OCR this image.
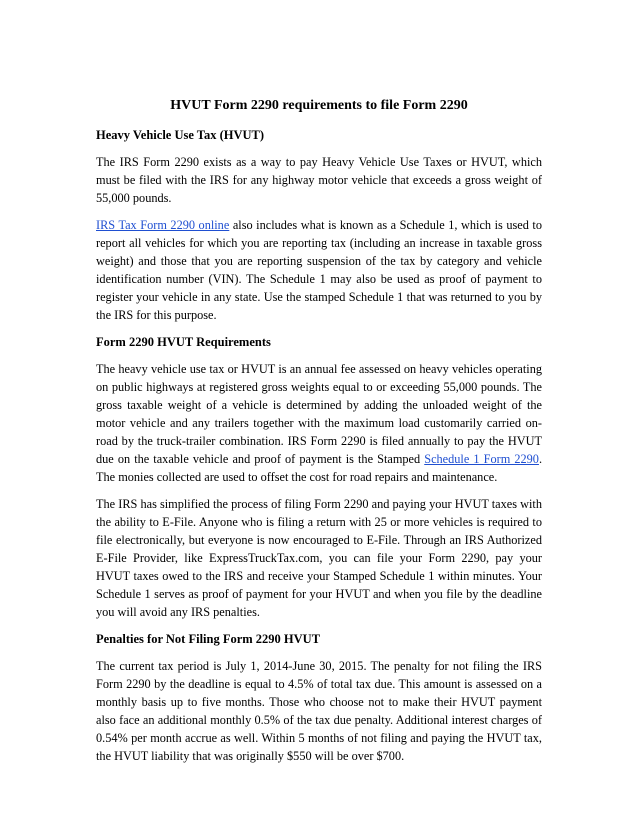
HVUT Form 2290 requirements to file Form 2290
Heavy Vehicle Use Tax (HVUT)

The IRS Form 2290 exists as a way to pay Heavy Vehicle Use Taxes or HVUT, which must be filed with the IRS for any highway motor vehicle that exceeds a gross weight of 55,000 pounds.

IRS Tax Form 2290 online also includes what is known as a Schedule 1, which is used to report all vehicles for which you are reporting tax (including an increase in taxable gross weight) and those that you are reporting suspension of the tax by category and vehicle identification number (VIN). The Schedule 1 may also be used as proof of payment to register your vehicle in any state. Use the stamped Schedule 1 that was returned to you by the IRS for this purpose.

Form 2290 HVUT Requirements

The heavy vehicle use tax or HVUT is an annual fee assessed on heavy vehicles operating on public highways at registered gross weights equal to or exceeding 55,000 pounds. The gross taxable weight of a vehicle is determined by adding the unloaded weight of the motor vehicle and any trailers together with the maximum load customarily carried on-road by the truck-trailer combination. IRS Form 2290 is filed annually to pay the HVUT due on the taxable vehicle and proof of payment is the Stamped Schedule 1 Form 2290. The monies collected are used to offset the cost for road repairs and maintenance.

The IRS has simplified the process of filing Form 2290 and paying your HVUT taxes with the ability to E-File. Anyone who is filing a return with 25 or more vehicles is required to file electronically, but everyone is now encouraged to E-File. Through an IRS Authorized E-File Provider, like ExpressTruckTax.com, you can file your Form 2290, pay your HVUT taxes owed to the IRS and receive your Stamped Schedule 1 within minutes. Your Schedule 1 serves as proof of payment for your HVUT and when you file by the deadline you will avoid any IRS penalties.

Penalties for Not Filing Form 2290 HVUT

The current tax period is July 1, 2014-June 30, 2015. The penalty for not filing the IRS Form 2290 by the deadline is equal to 4.5% of total tax due. This amount is assessed on a monthly basis up to five months. Those who choose not to make their HVUT payment also face an additional monthly 0.5% of the tax due penalty. Additional interest charges of 0.54% per month accrue as well. Within 5 months of not filing and paying the HVUT tax, the HVUT liability that was originally $550 will be over $700.
